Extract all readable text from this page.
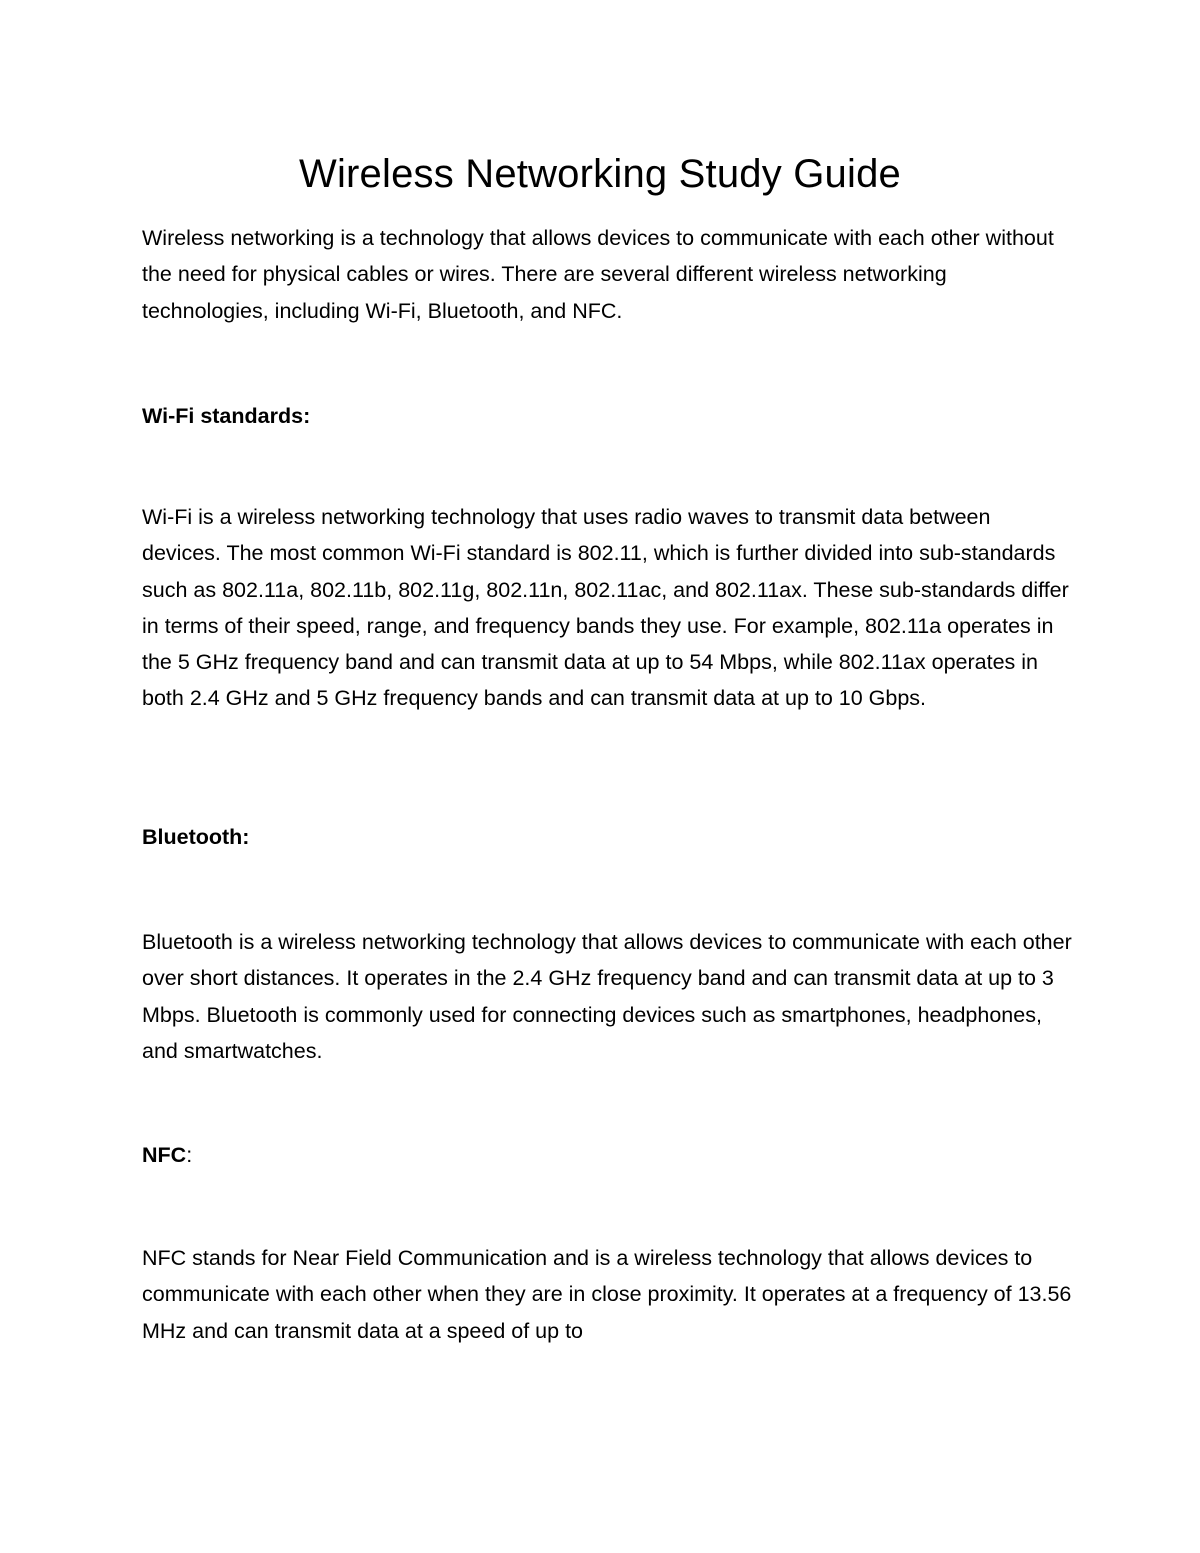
Wireless Networking Study Guide

Wireless networking is a technology that allows devices to communicate with each other without the need for physical cables or wires. There are several different wireless networking technologies, including Wi-Fi, Bluetooth, and NFC.

Wi-Fi standards:

Wi-Fi is a wireless networking technology that uses radio waves to transmit data between devices. The most common Wi-Fi standard is 802.11, which is further divided into sub-standards such as 802.11a, 802.11b, 802.11g, 802.11n, 802.11ac, and 802.11ax. These sub-standards differ in terms of their speed, range, and frequency bands they use. For example, 802.11a operates in the 5 GHz frequency band and can transmit data at up to 54 Mbps, while 802.11ax operates in both 2.4 GHz and 5 GHz frequency bands and can transmit data at up to 10 Gbps.

Bluetooth:

Bluetooth is a wireless networking technology that allows devices to communicate with each other over short distances. It operates in the 2.4 GHz frequency band and can transmit data at up to 3 Mbps. Bluetooth is commonly used for connecting devices such as smartphones, headphones, and smartwatches.

NFC:

NFC stands for Near Field Communication and is a wireless technology that allows devices to communicate with each other when they are in close proximity. It operates at a frequency of 13.56 MHz and can transmit data at a speed of up to
